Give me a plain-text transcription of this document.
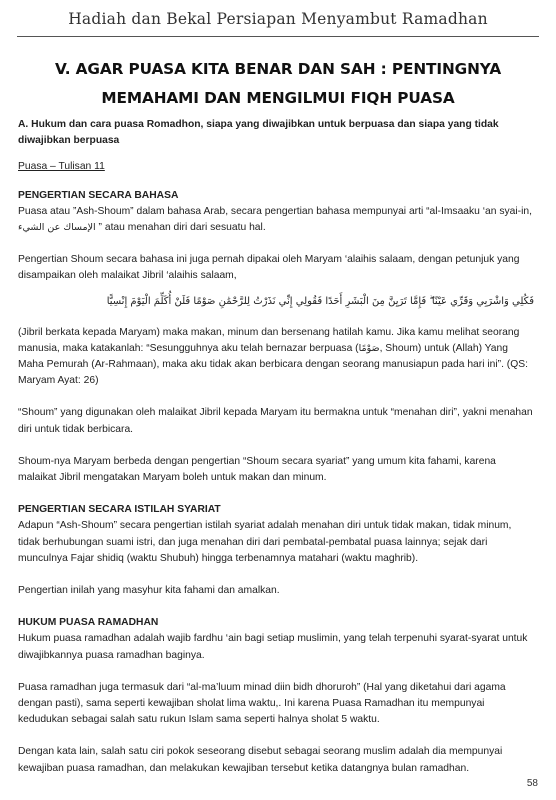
Hadiah dan Bekal Persiapan Menyambut Ramadhan
V. AGAR PUASA KITA BENAR DAN SAH : PENTINGNYA MEMAHAMI DAN MENGILMUI FIQH PUASA
A. Hukum dan cara puasa Romadhon, siapa yang diwajibkan untuk berpuasa dan siapa yang tidak diwajibkan berpuasa
Puasa – Tulisan 11
PENGERTIAN SECARA BAHASA

Puasa atau ”Ash-Shoum” dalam bahasa Arab, secara pengertian bahasa mempunyai arti “al-Imsaaku ‘an syai-in, الإمساك عن الشيء ” atau menahan diri dari sesuatu hal.

Pengertian Shoum secara bahasa ini juga pernah dipakai oleh Maryam ‘alaihis salaam, dengan petunjuk yang disampaikan oleh malaikat Jibril ‘alaihis salaam,

فَكُلِي وَاشْرَبِي وَقَرِّي عَيْنًا ۖ فَإِمَّا تَرَيِنَّ مِنَ الْبَشَرِ أَحَدًا فَقُولِي إِنِّي نَذَرْتُ لِلرَّحْمَٰنِ صَوْمًا فَلَنْ أُكَلِّمَ الْيَوْمَ إِنْسِيًّا

(Jibril berkata kepada Maryam) maka makan, minum dan bersenang hatilah kamu. Jika kamu melihat seorang manusia, maka katakanlah: “Sesungguhnya aku telah bernazar berpuasa (صَوْمًا, Shoum) untuk (Allah) Yang Maha Pemurah (Ar-Rahmaan), maka aku tidak akan berbicara dengan seorang manusiapun pada hari ini”. (QS: Maryam Ayat: 26)

“Shoum” yang digunakan oleh malaikat Jibril kepada Maryam itu bermakna untuk “menahan diri”, yakni menahan diri untuk tidak berbicara.

Shoum-nya Maryam berbeda dengan pengertian “Shoum secara syariat” yang umum kita fahami, karena malaikat Jibril mengatakan Maryam boleh untuk makan dan minum.

PENGERTIAN SECARA ISTILAH SYARIAT

Adapun “Ash-Shoum” secara pengertian istilah syariat adalah menahan diri untuk tidak makan, tidak minum, tidak berhubungan suami istri, dan juga menahan diri dari pembatal-pembatal puasa lainnya; sejak dari munculnya Fajar shidiq (waktu Shubuh) hingga terbenamnya matahari (waktu maghrib).

Pengertian inilah yang masyhur kita fahami dan amalkan.

HUKUM PUASA RAMADHAN

Hukum puasa ramadhan adalah wajib fardhu ‘ain bagi setiap muslimin, yang telah terpenuhi syarat-syarat untuk diwajibkannya puasa ramadhan baginya.

Puasa ramadhan juga termasuk dari “al-ma’luum minad diin bidh dhoruroh” (Hal yang diketahui dari agama dengan pasti), sama seperti kewajiban sholat lima waktu,. Ini karena Puasa Ramadhan itu mempunyai kedudukan sebagai salah satu rukun Islam sama seperti halnya sholat 5 waktu.

Dengan kata lain, salah satu ciri pokok seseorang disebut sebagai seorang muslim adalah dia mempunyai kewajiban puasa ramadhan, dan melakukan kewajiban tersebut ketika datangnya bulan ramadhan.

58
